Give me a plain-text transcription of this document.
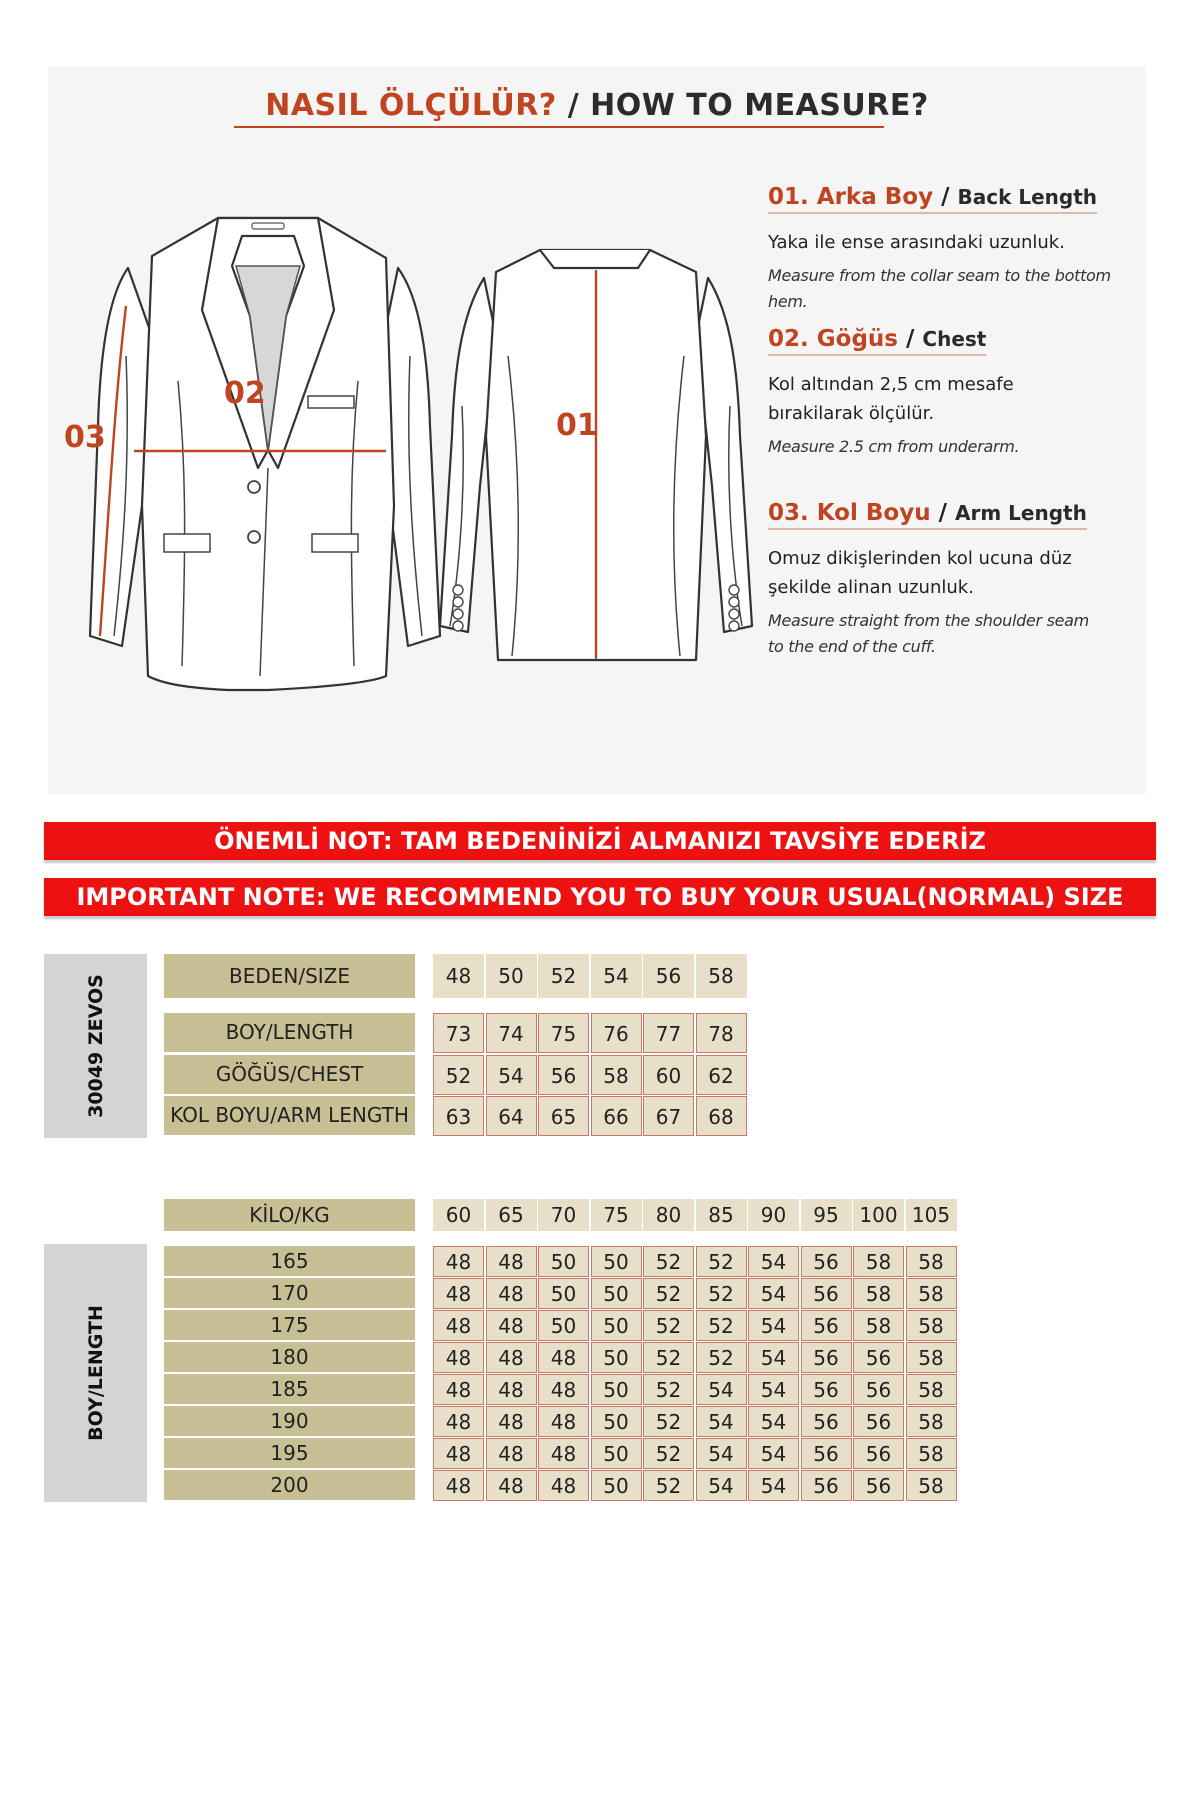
NASIL ÖLÇÜLÜR? / HOW TO MEASURE?
02
03	01
01. Arka Boy / Back Length
Yaka ile ense arasındaki uzunluk.
Measure from the collar seam to the bottom hem.
02. Göğüs / Chest
Kol altından 2,5 cm mesafe bırakilarak ölçülür.
Measure 2.5 cm from underarm.
03. Kol Boyu / Arm Length
Omuz dikişlerinden kol ucuna düz şekilde alinan uzunluk.
Measure straight from the shoulder seam to the end of the cuff.
ÖNEMLİ NOT: TAM BEDENİNİZİ ALMANIZI TAVSİYE EDERİZ
IMPORTANT NOTE: WE RECOMMEND YOU TO BUY YOUR USUAL(NORMAL) SIZE
30049 ZEVOS	BEDEN/SIZE	48	50	52	54	56	58
BOY/LENGTH	73	74	75	76	77	78
GÖĞÜS/CHEST	52	54	56	58	60	62
KOL BOYU/ARM LENGTH	63	64	65	66	67	68
BOY/LENGTH
KİLO/KG	60	65	70	75	80	85	90	95	100 105
165	48	48	50	50	52	52	54	56	58	58
170	48	48	50	50	52	52	54	56	58	58
175	48	48	50	50	52	52	54	56	58	58
180	48	48	48	50	52	52	54	56	56	58
185	48	48	48	50	52	54	54	56	56	58
190	48	48	48	50	52	54	54	56	56	58
195	48	48	48	50	52	54	54	56	56	58
200	48	48	48	50	52	54	54	56	56	58
